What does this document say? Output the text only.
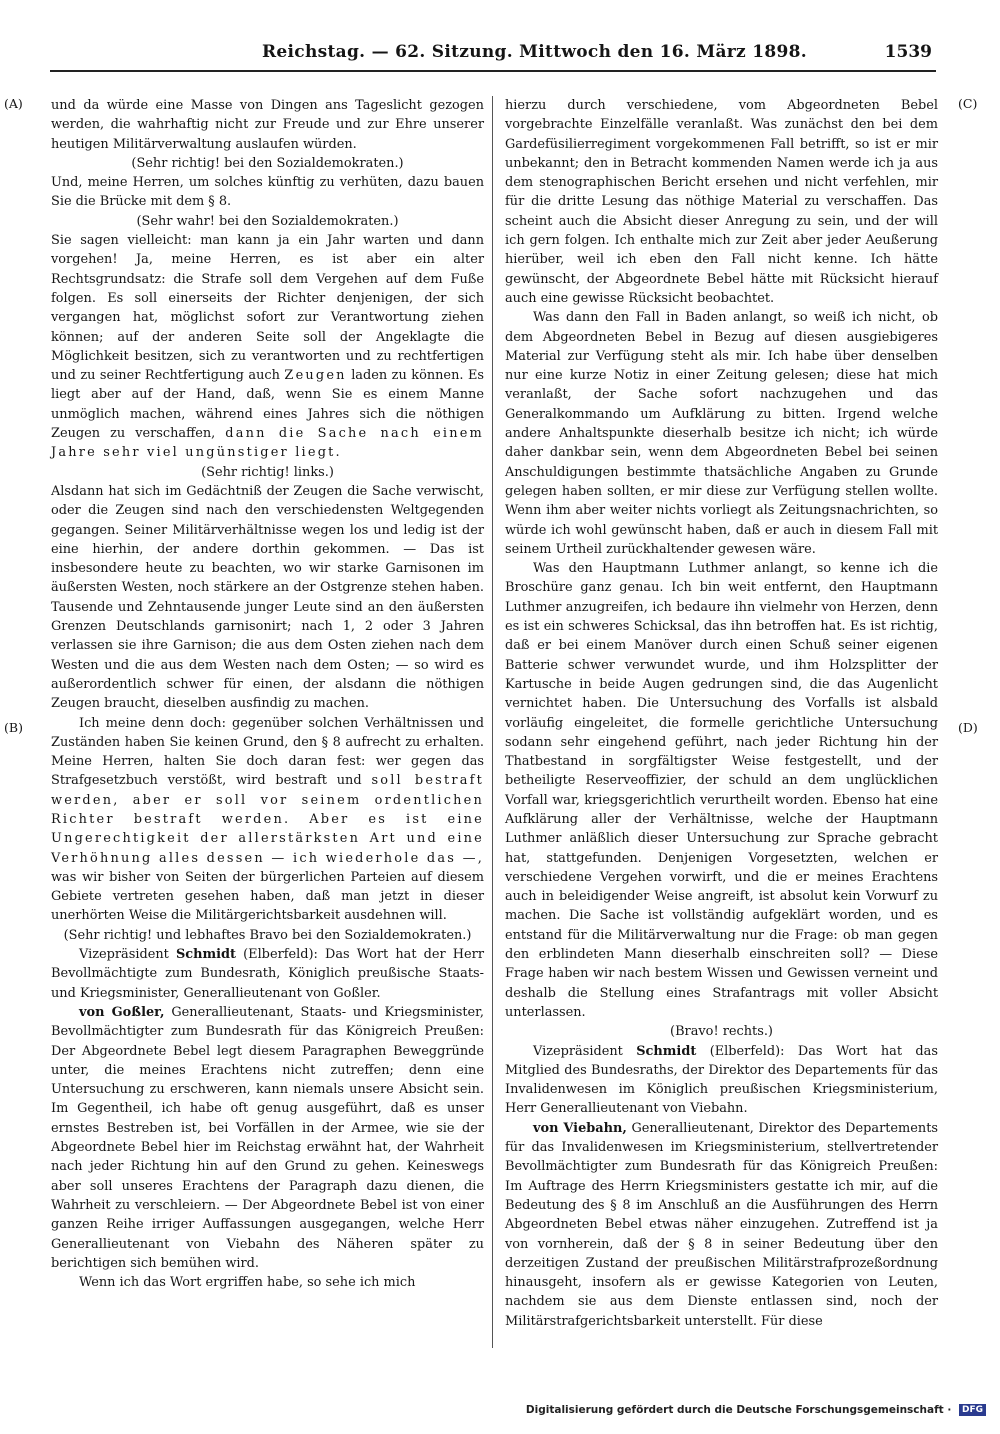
Reichstag. — 62. Sitzung. Mittwoch den 16. März 1898.	1539
(A)
(B)
(C)
(D)

und da würde eine Masse von Dingen ans Tageslicht gezogen werden, die wahrhaftig nicht zur Freude und zur Ehre unserer heutigen Militärverwaltung auslaufen würden.

(Sehr richtig! bei den Sozialdemokraten.)

Und, meine Herren, um solches künftig zu verhüten, dazu bauen Sie die Brücke mit dem § 8.

(Sehr wahr! bei den Sozialdemokraten.)

Sie sagen vielleicht: man kann ja ein Jahr warten und dann vorgehen! Ja, meine Herren, es ist aber ein alter Rechtsgrundsatz: die Strafe soll dem Vergehen auf dem Fuße folgen. Es soll einerseits der Richter denjenigen, der sich vergangen hat, möglichst sofort zur Verantwortung ziehen können; auf der anderen Seite soll der Angeklagte die Möglichkeit besitzen, sich zu verantworten und zu rechtfertigen und zu seiner Rechtfertigung auch Zeugen laden zu können. Es liegt aber auf der Hand, daß, wenn Sie es einem Manne unmöglich machen, während eines Jahres sich die nöthigen Zeugen zu verschaffen, dann die Sache nach einem Jahre sehr viel ungünstiger liegt.

(Sehr richtig! links.)

Alsdann hat sich im Gedächtniß der Zeugen die Sache verwischt, oder die Zeugen sind nach den verschiedensten Weltgegenden gegangen. Seiner Militärverhältnisse wegen los und ledig ist der eine hierhin, der andere dorthin gekommen. — Das ist insbesondere heute zu beachten, wo wir starke Garnisonen im äußersten Westen, noch stärkere an der Ostgrenze stehen haben. Tausende und Zehntausende junger Leute sind an den äußersten Grenzen Deutschlands garnisonirt; nach 1, 2 oder 3 Jahren verlassen sie ihre Garnison; die aus dem Osten ziehen nach dem Westen und die aus dem Westen nach dem Osten; — so wird es außerordentlich schwer für einen, der alsdann die nöthigen Zeugen braucht, dieselben ausfindig zu machen.

Ich meine denn doch: gegenüber solchen Verhältnissen und Zuständen haben Sie keinen Grund, den § 8 aufrecht zu erhalten. Meine Herren, halten Sie doch daran fest: wer gegen das Strafgesetzbuch verstößt, wird bestraft und soll bestraft werden, aber er soll vor seinem ordentlichen Richter bestraft werden. Aber es ist eine Ungerechtigkeit der allerstärksten Art und eine Verhöhnung alles dessen — ich wiederhole das —, was wir bisher von Seiten der bürgerlichen Parteien auf diesem Gebiete vertreten gesehen haben, daß man jetzt in dieser unerhörten Weise die Militärgerichtsbarkeit ausdehnen will.

(Sehr richtig! und lebhaftes Bravo bei den Sozialdemokraten.)

Vizepräsident Schmidt (Elberfeld): Das Wort hat der Herr Bevollmächtigte zum Bundesrath, Königlich preußische Staats- und Kriegsminister, Generallieutenant von Goßler.

von Goßler, Generallieutenant, Staats- und Kriegsminister, Bevollmächtigter zum Bundesrath für das Königreich Preußen: Der Abgeordnete Bebel legt diesem Paragraphen Beweggründe unter, die meines Erachtens nicht zutreffen; denn eine Untersuchung zu erschweren, kann niemals unsere Absicht sein. Im Gegentheil, ich habe oft genug ausgeführt, daß es unser ernstes Bestreben ist, bei Vorfällen in der Armee, wie sie der Abgeordnete Bebel hier im Reichstag erwähnt hat, der Wahrheit nach jeder Richtung hin auf den Grund zu gehen. Keineswegs aber soll unseres Erachtens der Paragraph dazu dienen, die Wahrheit zu verschleiern. — Der Abgeordnete Bebel ist von einer ganzen Reihe irriger Auffassungen ausgegangen, welche Herr Generallieutenant von Viebahn des Näheren später zu berichtigen sich bemühen wird.

Wenn ich das Wort ergriffen habe, so sehe ich mich

hierzu durch verschiedene, vom Abgeordneten Bebel vorgebrachte Einzelfälle veranlaßt. Was zunächst den bei dem Gardefüsilierregiment vorgekommenen Fall betrifft, so ist er mir unbekannt; den in Betracht kommenden Namen werde ich ja aus dem stenographischen Bericht ersehen und nicht verfehlen, mir für die dritte Lesung das nöthige Material zu verschaffen. Das scheint auch die Absicht dieser Anregung zu sein, und der will ich gern folgen. Ich enthalte mich zur Zeit aber jeder Aeußerung hierüber, weil ich eben den Fall nicht kenne. Ich hätte gewünscht, der Abgeordnete Bebel hätte mit Rücksicht hierauf auch eine gewisse Rücksicht beobachtet.

Was dann den Fall in Baden anlangt, so weiß ich nicht, ob dem Abgeordneten Bebel in Bezug auf diesen ausgiebigeres Material zur Verfügung steht als mir. Ich habe über denselben nur eine kurze Notiz in einer Zeitung gelesen; diese hat mich veranlaßt, der Sache sofort nachzugehen und das Generalkommando um Aufklärung zu bitten. Irgend welche andere Anhaltspunkte dieserhalb besitze ich nicht; ich würde daher dankbar sein, wenn dem Abgeordneten Bebel bei seinen Anschuldigungen bestimmte thatsächliche Angaben zu Grunde gelegen haben sollten, er mir diese zur Verfügung stellen wollte. Wenn ihm aber weiter nichts vorliegt als Zeitungsnachrichten, so würde ich wohl gewünscht haben, daß er auch in diesem Fall mit seinem Urtheil zurückhaltender gewesen wäre.

Was den Hauptmann Luthmer anlangt, so kenne ich die Broschüre ganz genau. Ich bin weit entfernt, den Hauptmann Luthmer anzugreifen, ich bedaure ihn vielmehr von Herzen, denn es ist ein schweres Schicksal, das ihn betroffen hat. Es ist richtig, daß er bei einem Manöver durch einen Schuß seiner eigenen Batterie schwer verwundet wurde, und ihm Holzsplitter der Kartusche in beide Augen gedrungen sind, die das Augenlicht vernichtet haben. Die Untersuchung des Vorfalls ist alsbald vorläufig eingeleitet, die formelle gerichtliche Untersuchung sodann sehr eingehend geführt, nach jeder Richtung hin der Thatbestand in sorgfältigster Weise festgestellt, und der betheiligte Reserveoffizier, der schuld an dem unglücklichen Vorfall war, kriegsgerichtlich verurtheilt worden. Ebenso hat eine Aufklärung aller der Verhältnisse, welche der Hauptmann Luthmer anläßlich dieser Untersuchung zur Sprache gebracht hat, stattgefunden. Denjenigen Vorgesetzten, welchen er verschiedene Vergehen vorwirft, und die er meines Erachtens auch in beleidigender Weise angreift, ist absolut kein Vorwurf zu machen. Die Sache ist vollständig aufgeklärt worden, und es entstand für die Militärverwaltung nur die Frage: ob man gegen den erblindeten Mann dieserhalb einschreiten soll? — Diese Frage haben wir nach bestem Wissen und Gewissen verneint und deshalb die Stellung eines Strafantrags mit voller Absicht unterlassen.

(Bravo! rechts.)

Vizepräsident Schmidt (Elberfeld): Das Wort hat das Mitglied des Bundesraths, der Direktor des Departements für das Invalidenwesen im Königlich preußischen Kriegsministerium, Herr Generallieutenant von Viebahn.

von Viebahn, Generallieutenant, Direktor des Departements für das Invalidenwesen im Kriegsministerium, stellvertretender Bevollmächtigter zum Bundesrath für das Königreich Preußen: Im Auftrage des Herrn Kriegsministers gestatte ich mir, auf die Bedeutung des § 8 im Anschluß an die Ausführungen des Herrn Abgeordneten Bebel etwas näher einzugehen. Zutreffend ist ja von vornherein, daß der § 8 in seiner Bedeutung über den derzeitigen Zustand der preußischen Militärstrafprozeßordnung hinausgeht, insofern als er gewisse Kategorien von Leuten, nachdem sie aus dem Dienste entlassen sind, noch der Militärstrafgerichtsbarkeit unterstellt. Für diese

Digitalisierung gefördert durch die Deutsche Forschungsgemeinschaft · DFG
